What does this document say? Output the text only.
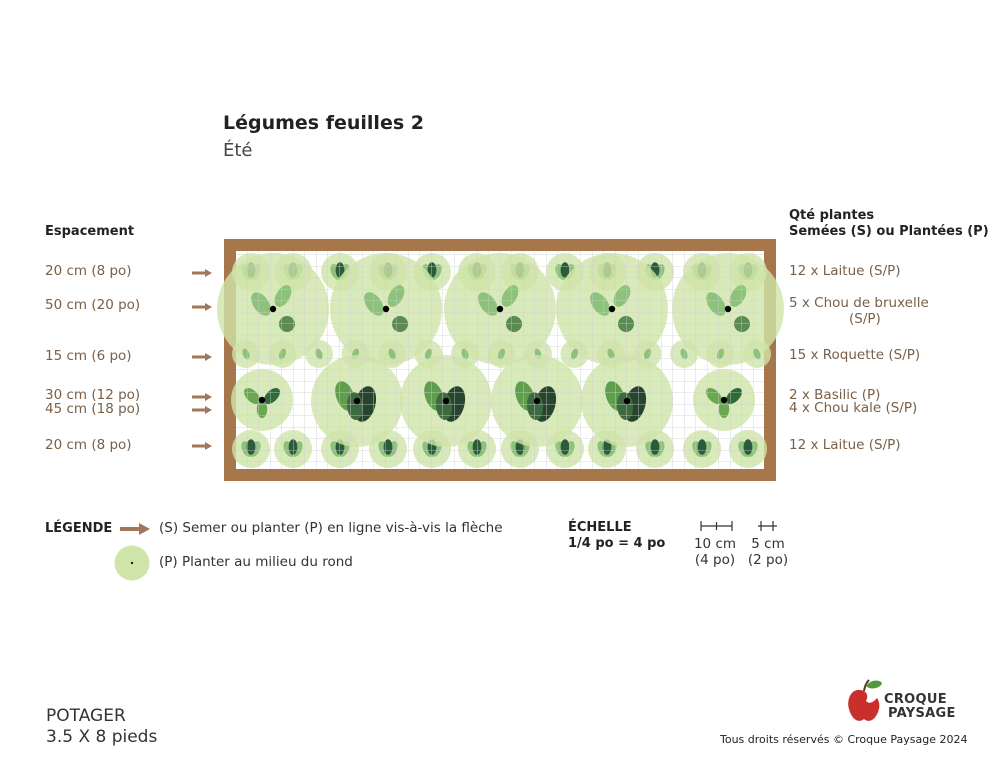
Légumes feuilles 2
Été
Espacement
Qté plantes
Semées (S) ou Plantées (P)
20 cm (8 po)
50 cm (20 po)
15 cm (6 po)
30 cm (12 po)
45 cm (18 po)
20 cm (8 po)
12 x Laitue (S/P)
5 x Chou de bruxelle
(S/P)
15 x Roquette (S/P)
2 x Basilic (P)
4 x Chou kale (S/P)
12 x Laitue (S/P)
LÉGENDE	(S) Semer ou planter (P) en ligne vis-à-vis la flèche
(P) Planter au milieu du rond
ÉCHELLE
1/4 po = 4 po 10 cm
(4 po)
5 cm
(2 po)
POTAGER
3.5 X 8 pieds
CROQUE
PAYSAGE
Tous droits réservés © Croque Paysage 2024
